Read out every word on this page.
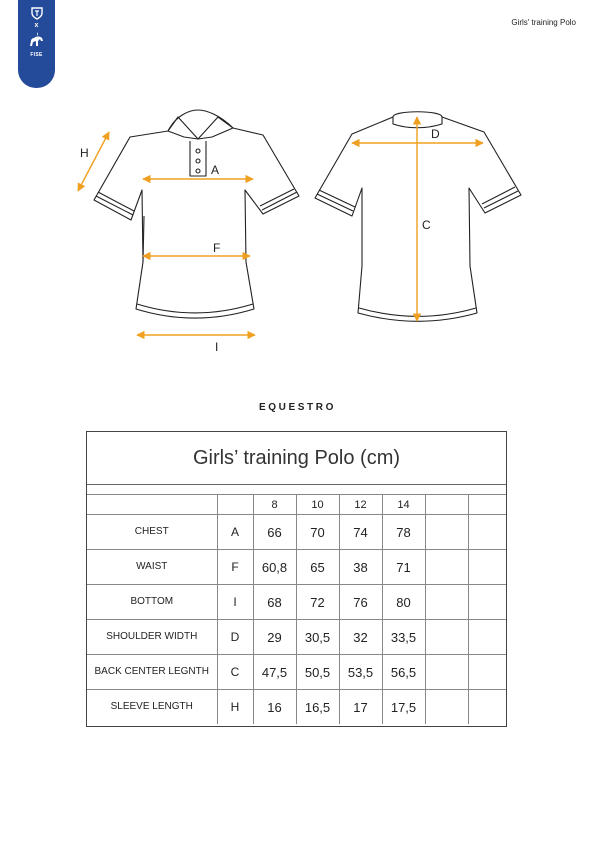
x
FISE
Girls' training Polo
H
A
F
I
D
C
EQUESTRO
Girls’ training Polo (cm)
		8	10	12	14		
CHEST	A	66	70	74	78		
WAIST	F	60,8	65	38	71		
BOTTOM	I	68	72	76	80		
SHOULDER WIDTH	D	29	30,5	32	33,5		
BACK CENTER LEGNTH	C	47,5	50,5	53,5	56,5		
SLEEVE LENGTH	H	16	16,5	17	17,5		
